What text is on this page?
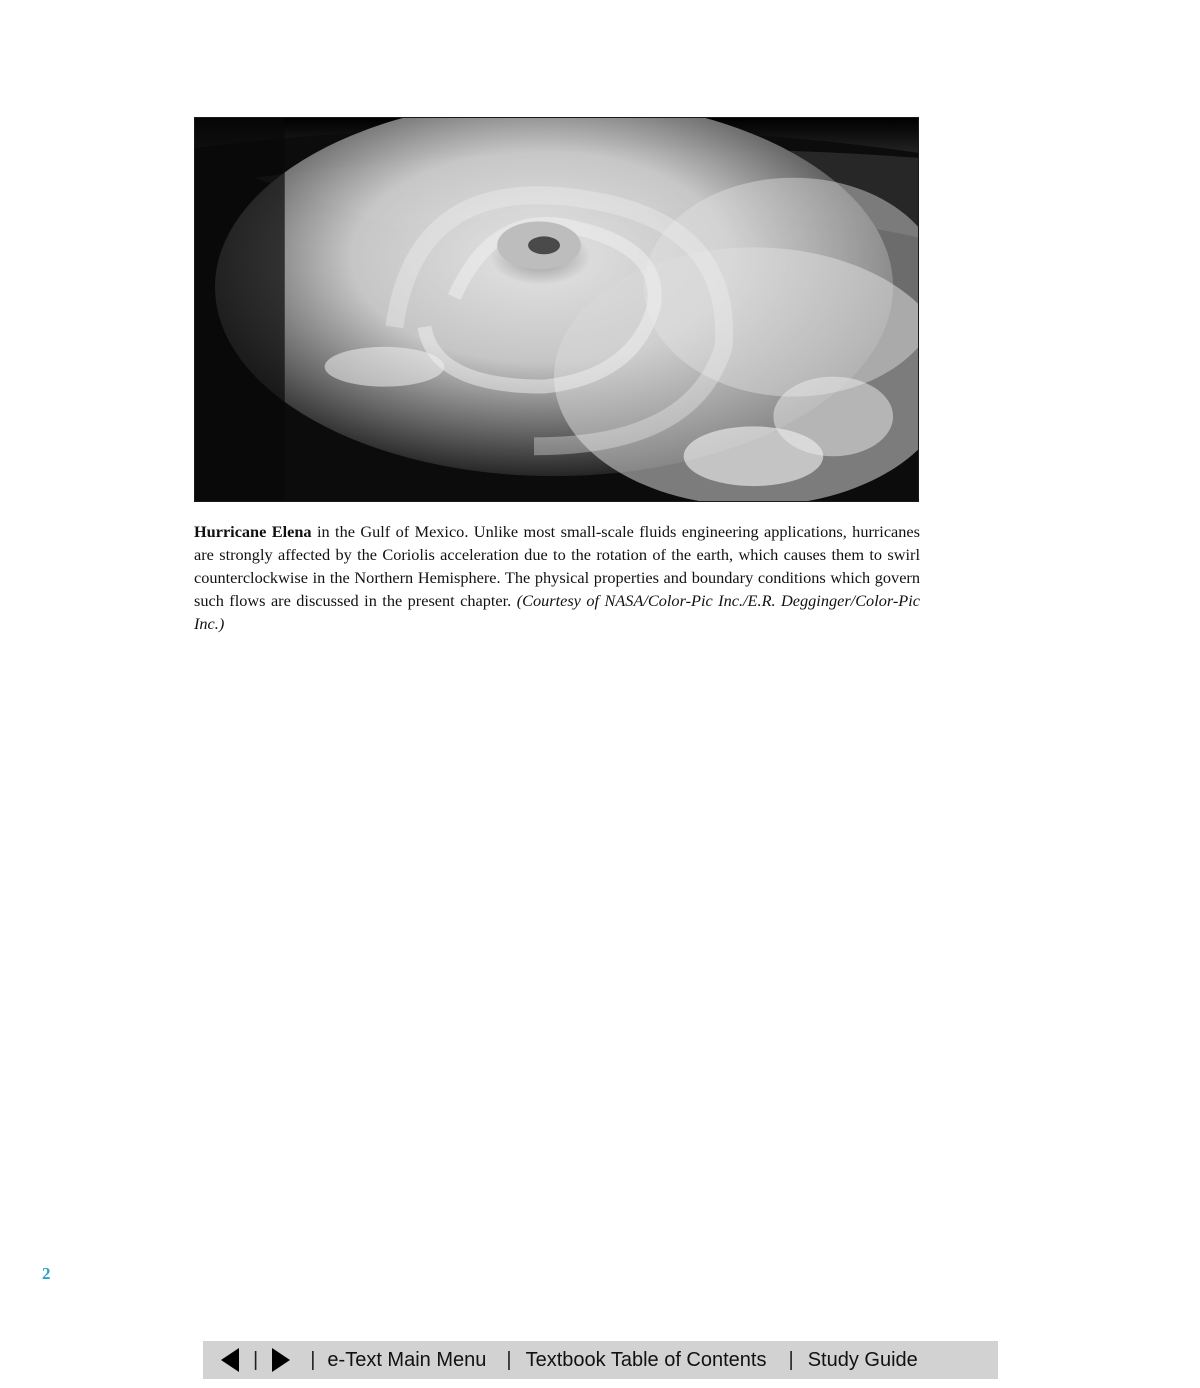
Hurricane Elena in the Gulf of Mexico. Unlike most small-scale fluids engineering applications, hurricanes are strongly affected by the Coriolis acceleration due to the rotation of the earth, which causes them to swirl counterclockwise in the Northern Hemisphere. The physical properties and boundary conditions which govern such flows are discussed in the present chapter. (Courtesy of NASA/Color-Pic Inc./E.R. Degginger/Color-Pic Inc.)

2
|	| e-Text Main Menu	| Textbook Table of Contents	| Study Guide
